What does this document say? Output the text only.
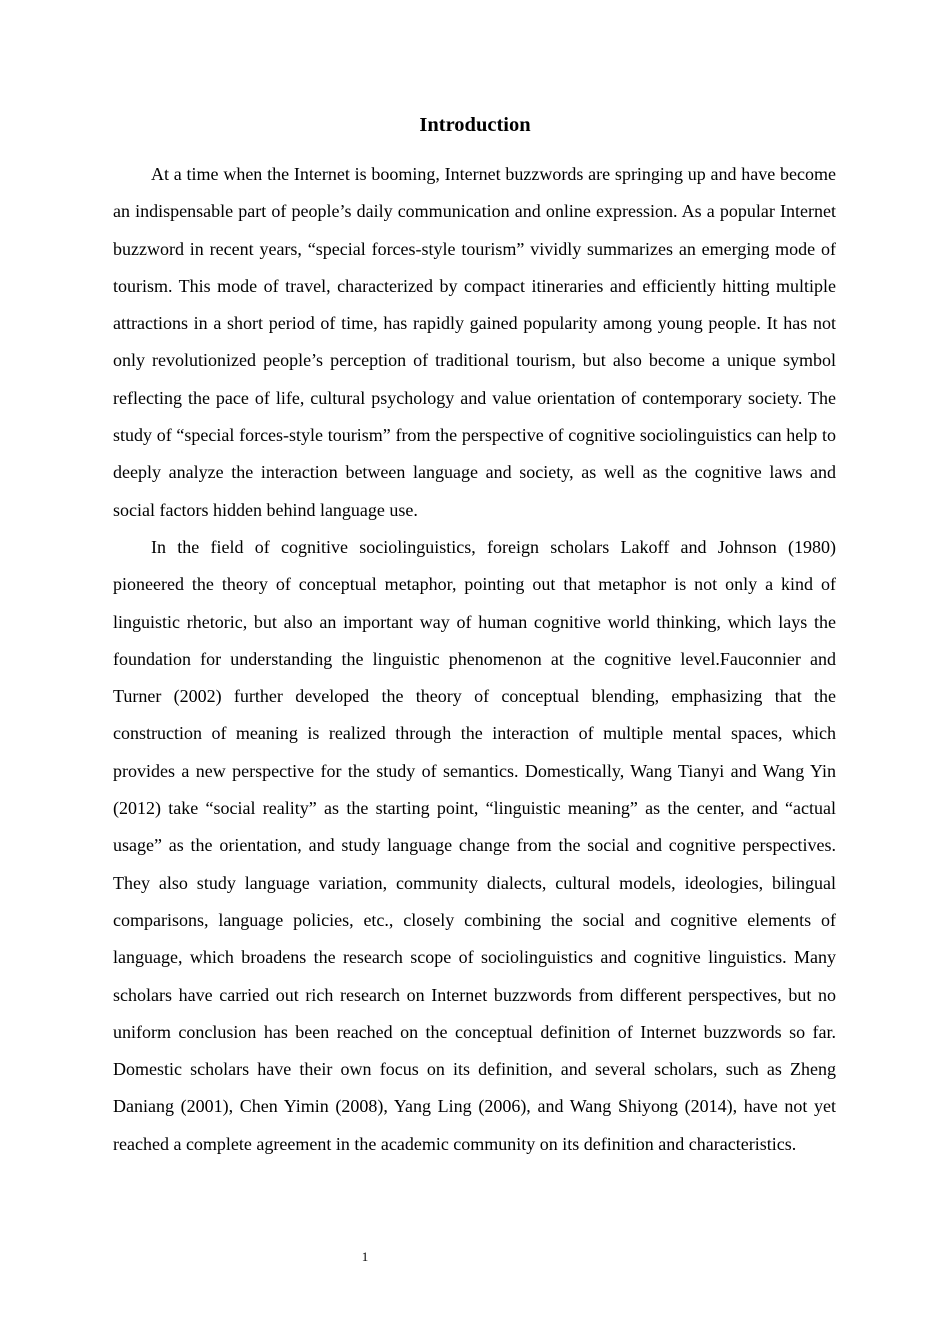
Introduction

At a time when the Internet is booming, Internet buzzwords are springing up and have become an indispensable part of people’s daily communication and online expression. As a popular Internet buzzword in recent years, “special forces-style tourism” vividly summarizes an emerging mode of tourism. This mode of travel, characterized by compact itineraries and efficiently hitting multiple attractions in a short period of time, has rapidly gained popularity among young people. It has not only revolutionized people’s perception of traditional tourism, but also become a unique symbol reflecting the pace of life, cultural psychology and value orientation of contemporary society. The study of “special forces-style tourism” from the perspective of cognitive sociolinguistics can help to deeply analyze the interaction between language and society, as well as the cognitive laws and social factors hidden behind language use.

In the field of cognitive sociolinguistics, foreign scholars Lakoff and Johnson (1980) pioneered the theory of conceptual metaphor, pointing out that metaphor is not only a kind of linguistic rhetoric, but also an important way of human cognitive world thinking, which lays the foundation for understanding the linguistic phenomenon at the cognitive level.Fauconnier and Turner (2002) further developed the theory of conceptual blending, emphasizing that the construction of meaning is realized through the interaction of multiple mental spaces, which provides a new perspective for the study of semantics. Domestically, Wang Tianyi and Wang Yin (2012) take “social reality” as the starting point, “linguistic meaning” as the center, and “actual usage” as the orientation, and study language change from the social and cognitive perspectives. They also study language variation, community dialects, cultural models, ideologies, bilingual comparisons, language policies, etc., closely combining the social and cognitive elements of language, which broadens the research scope of sociolinguistics and cognitive linguistics. Many scholars have carried out rich research on Internet buzzwords from different perspectives, but no uniform conclusion has been reached on the conceptual definition of Internet buzzwords so far. Domestic scholars have their own focus on its definition, and several scholars, such as Zheng Daniang (2001), Chen Yimin (2008), Yang Ling (2006), and Wang Shiyong (2014), have not yet reached a complete agreement in the academic community on its definition and characteristics.

1
